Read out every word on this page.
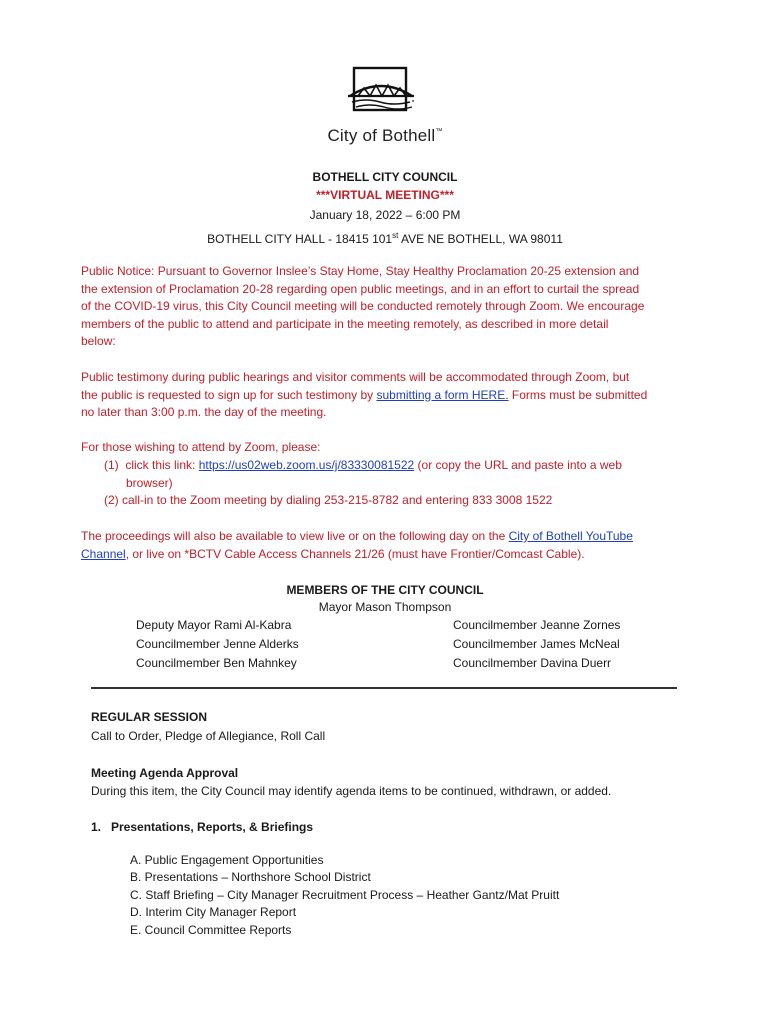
City of Bothell™
BOTHELL CITY COUNCIL
***VIRTUAL MEETING***
January 18, 2022 – 6:00 PM
BOTHELL CITY HALL - 18415 101st AVE NE BOTHELL, WA 98011
Public Notice: Pursuant to Governor Inslee’s Stay Home, Stay Healthy Proclamation 20-25 extension and
the extension of Proclamation 20-28 regarding open public meetings, and in an effort to curtail the spread
of the COVID-19 virus, this City Council meeting will be conducted remotely through Zoom. We encourage
members of the public to attend and participate in the meeting remotely, as described in more detail
below:
Public testimony during public hearings and visitor comments will be accommodated through Zoom, but
the public is requested to sign up for such testimony by submitting a form HERE. Forms must be submitted
no later than 3:00 p.m. the day of the meeting.
For those wishing to attend by Zoom, please:
(1) click this link: https://us02web.zoom.us/j/83330081522 (or copy the URL and paste into a web
browser)
(2) call-in to the Zoom meeting by dialing 253-215-8782 and entering 833 3008 1522
The proceedings will also be available to view live or on the following day on the City of Bothell YouTube
Channel, or live on *BCTV Cable Access Channels 21/26 (must have Frontier/Comcast Cable).
MEMBERS OF THE CITY COUNCIL
Mayor Mason Thompson
Deputy Mayor Rami Al-Kabra
Councilmember Jenne Alderks
Councilmember Ben Mahnkey
Councilmember Jeanne Zornes
Councilmember James McNeal
Councilmember Davina Duerr
REGULAR SESSION
Call to Order, Pledge of Allegiance, Roll Call
Meeting Agenda Approval
During this item, the City Council may identify agenda items to be continued, withdrawn, or added.
1.   Presentations, Reports, & Briefings
A. Public Engagement Opportunities
B. Presentations – Northshore School District
C. Staff Briefing – City Manager Recruitment Process – Heather Gantz/Mat Pruitt
D. Interim City Manager Report
E. Council Committee Reports
